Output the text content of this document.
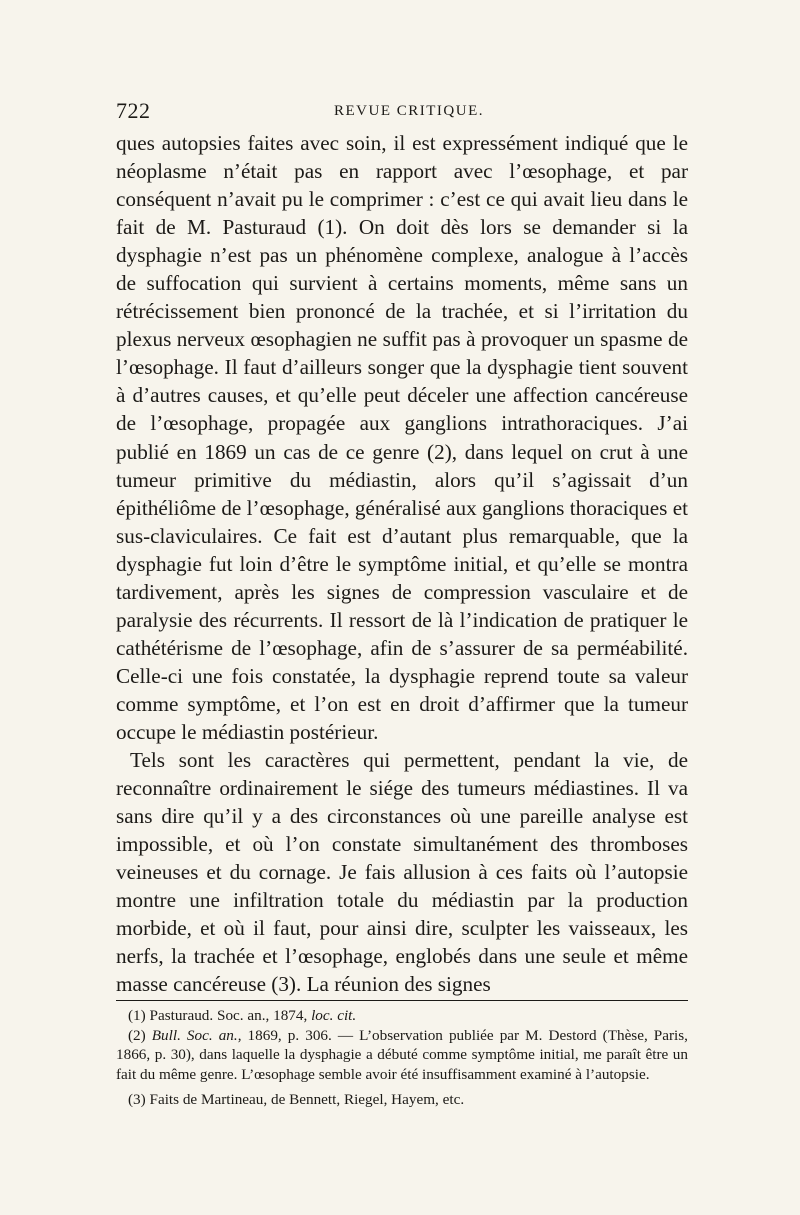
722	REVUE CRITIQUE.

ques autopsies faites avec soin, il est expressément indiqué que le néoplasme n’était pas en rapport avec l’œsophage, et par conséquent n’avait pu le comprimer : c’est ce qui avait lieu dans le fait de M. Pasturaud (1). On doit dès lors se demander si la dysphagie n’est pas un phénomène complexe, analogue à l’accès de suffocation qui survient à certains moments, même sans un rétrécissement bien prononcé de la trachée, et si l’irritation du plexus nerveux œsophagien ne suffit pas à provoquer un spasme de l’œsophage. Il faut d’ailleurs songer que la dysphagie tient souvent à d’autres causes, et qu’elle peut déceler une affection cancéreuse de l’œsophage, propagée aux ganglions intrathoraciques. J’ai publié en 1869 un cas de ce genre (2), dans lequel on crut à une tumeur primitive du médiastin, alors qu’il s’agissait d’un épithéliôme de l’œsophage, généralisé aux ganglions thoraciques et sus-claviculaires. Ce fait est d’autant plus remarquable, que la dysphagie fut loin d’être le symptôme initial, et qu’elle se montra tardivement, après les signes de compression vasculaire et de paralysie des récurrents. Il ressort de là l’indication de pratiquer le cathétérisme de l’œsophage, afin de s’assurer de sa perméabilité. Celle-ci une fois constatée, la dysphagie reprend toute sa valeur comme symptôme, et l’on est en droit d’affirmer que la tumeur occupe le médiastin postérieur.

Tels sont les caractères qui permettent, pendant la vie, de reconnaître ordinairement le siége des tumeurs médiastines. Il va sans dire qu’il y a des circonstances où une pareille analyse est impossible, et où l’on constate simultanément des thromboses veineuses et du cornage. Je fais allusion à ces faits où l’autopsie montre une infiltration totale du médiastin par la production morbide, et où il faut, pour ainsi dire, sculpter les vaisseaux, les nerfs, la trachée et l’œsophage, englobés dans une seule et même masse cancéreuse (3). La réunion des signes

(1) Pasturaud. Soc. an., 1874, loc. cit.

(2) Bull. Soc. an., 1869, p. 306. — L’observation publiée par M. Destord (Thèse, Paris, 1866, p. 30), dans laquelle la dysphagie a débuté comme symptôme initial, me paraît être un fait du même genre. L’œsophage semble avoir été insuffisamment examiné à l’autopsie.

(3) Faits de Martineau, de Bennett, Riegel, Hayem, etc.
